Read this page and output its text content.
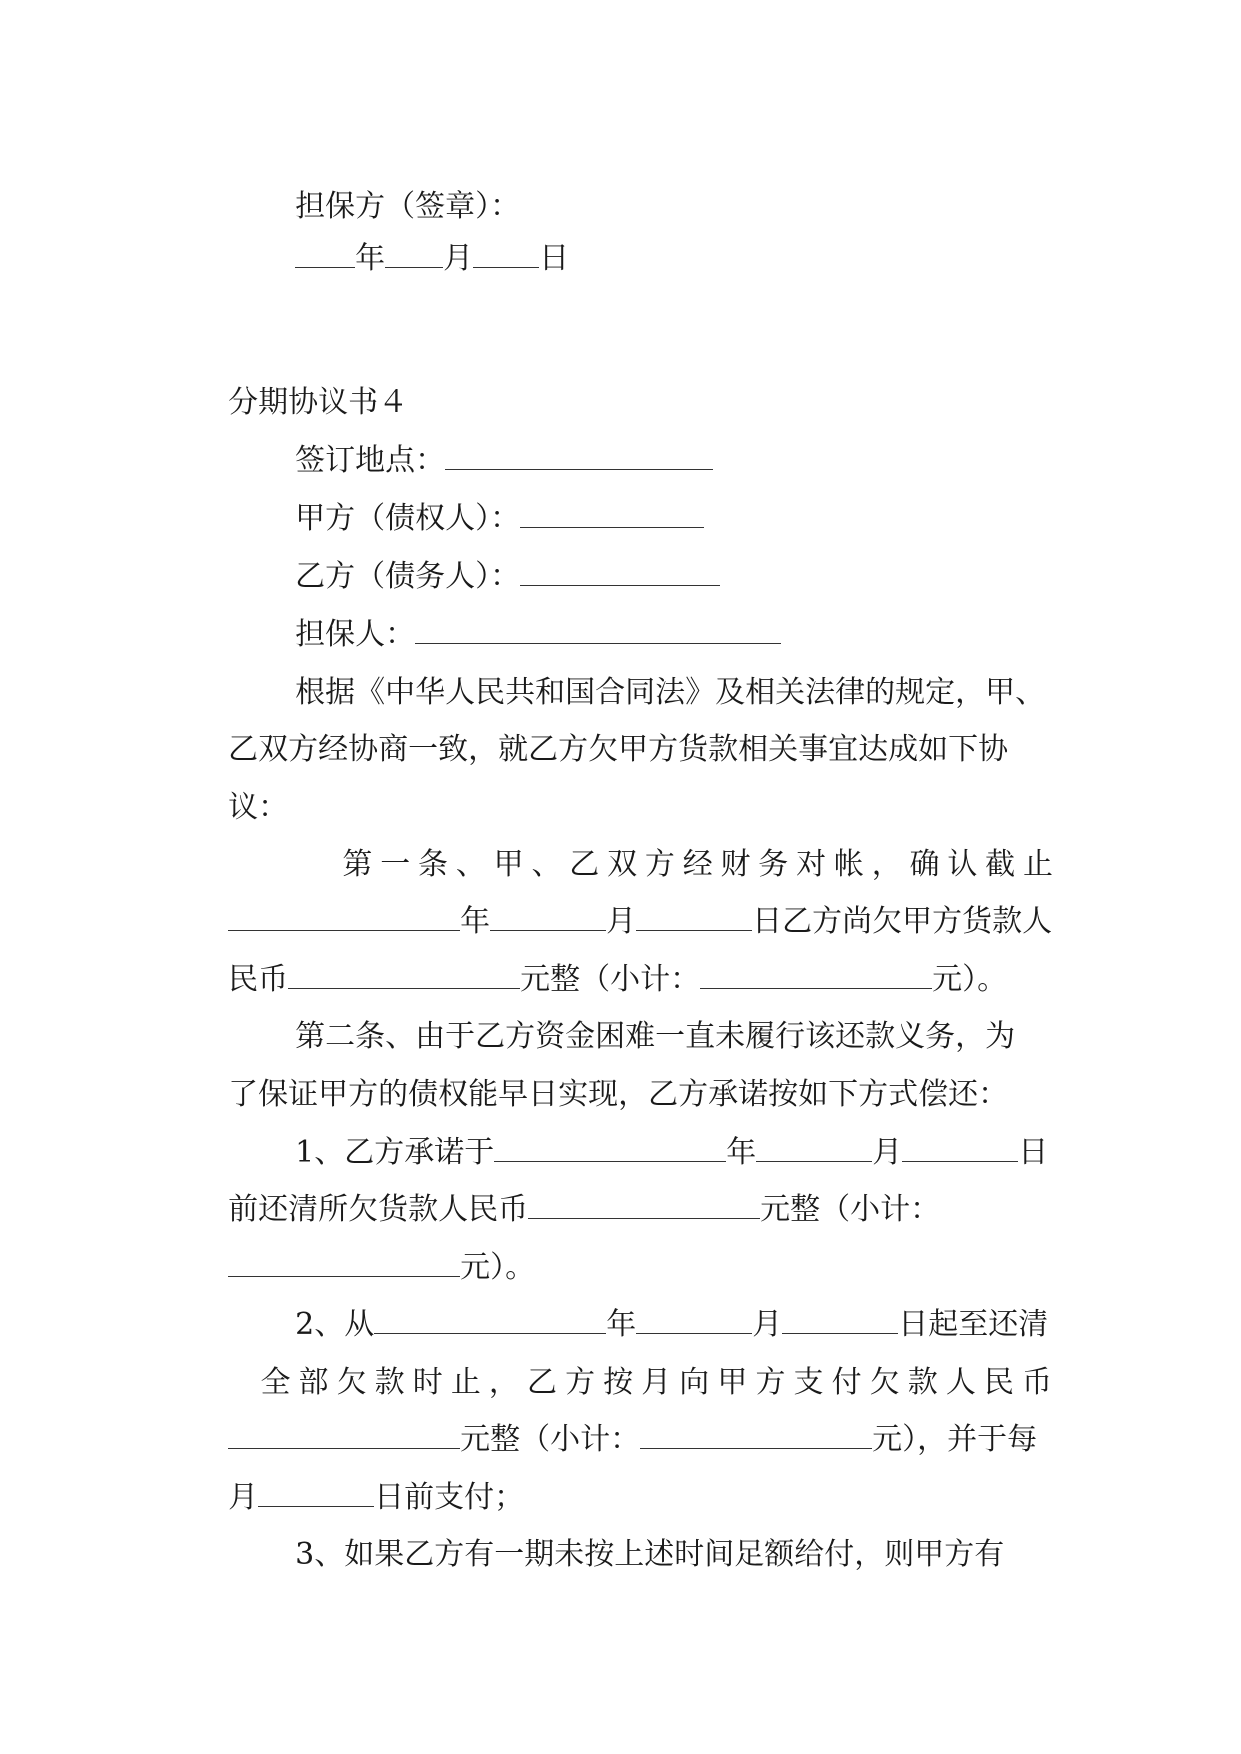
担保方（签章）：

年 月 日

分期协议书４

签订地点：

甲方（债权人）：

乙方（债务人）：

担保人：

根据《中华人民共和国合同法》及相关法律的规定，甲、

乙双方经协商一致，就乙方欠甲方货款相关事宜达成如下协

议：

第一条、甲、乙双方经财务对帐，确认截止

年	月	日乙方尚欠甲方货款人

民币	元整（小计：	元）。

第二条、由于乙方资金困难一直未履行该还款义务，为

了保证甲方的债权能早日实现，乙方承诺按如下方式偿还：

1、乙方承诺于	年	月	日

前还清所欠货款人民币	元整（小计：

元）。

2、从	年	月	日起至还清

全部欠款时止，乙方按月向甲方支付欠款人民币

元整（小计：	元），并于每

月	日前支付；

3、如果乙方有一期未按上述时间足额给付，则甲方有
